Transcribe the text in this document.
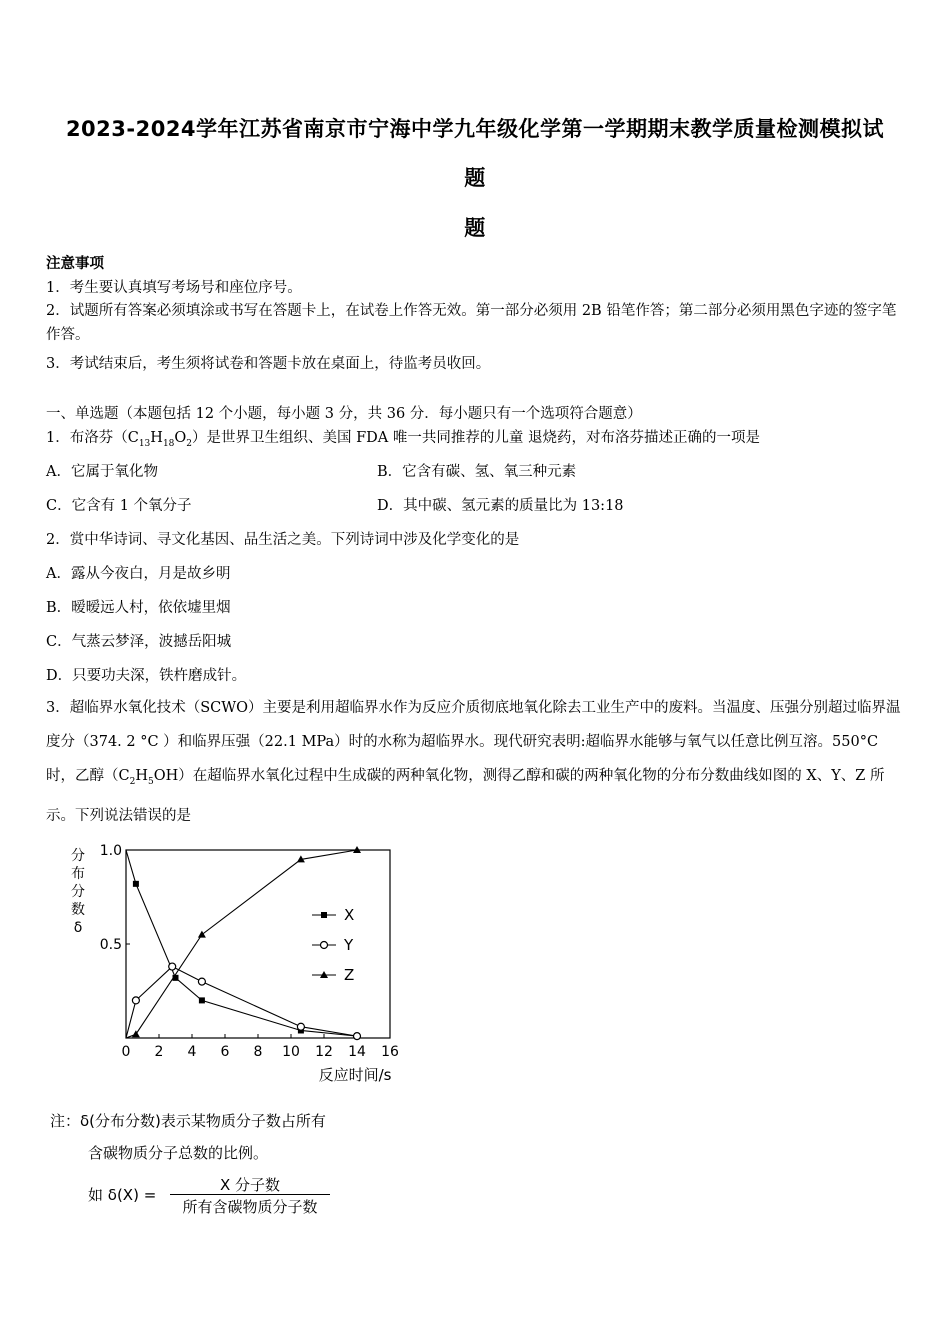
2023-2024学年江苏省南京市宁海中学九年级化学第一学期期末教学质量检测模拟试
题
题
注意事项
1．考生要认真填写考场号和座位序号。
2．试题所有答案必须填涂或书写在答题卡上，在试卷上作答无效。第一部分必须用 2B 铅笔作答；第二部分必须用黑色字迹的签字笔作答。
3．考试结束后，考生须将试卷和答题卡放在桌面上，待监考员收回。
一、单选题（本题包括 12 个小题，每小题 3 分，共 36 分．每小题只有一个选项符合题意）
1．布洛芬$(C_{13}H_{18}O_2)$是世界卫生组织、美国 FDA 唯一共同推荐的儿童 退烧药，对布洛芬描述正确的一项是
A．它属于氧化物	B．它含有碳、氢、氧三种元素
C．它含有 1 个氧分子	D．其中碳、氢元素的质量比为 13:18
2．赏中华诗词、寻文化基因、品生活之美。下列诗词中涉及化学变化的是
A．露从今夜白，月是故乡明
B．暧暧远人村，依依墟里烟
C．气蒸云梦泽，波撼岳阳城
D．只要功夫深，铁杵磨成针。
3．超临界水氧化技术（SCWO）主要是利用超临界水作为反应介质彻底地氧化除去工业生产中的废料。当温度、压强分别超过临界温度分（374. 2 °C ）和临界压强（22.1 MPa）时的水称为超临界水。现代研究表明:超临界水能够与氧气以任意比例互溶。550°C 时，乙醇$(C_2H_5OH)$在超临界水氧化过程中生成碳的两种氧化物，测得乙醇和碳的两种氧化物的分布分数曲线如图的 X、Y、Z 所示。下列说法错误的是
0 2 4 6 8 10 12 14 16
0.5
1.0
分
布
分
数
δ
反应时间/s
X
Y
Z
注：δ(分布分数)表示某物质分子数占所有
含碳物质分子总数的比例。
如 δ(X) =
X 分子数
所有含碳物质分子数
